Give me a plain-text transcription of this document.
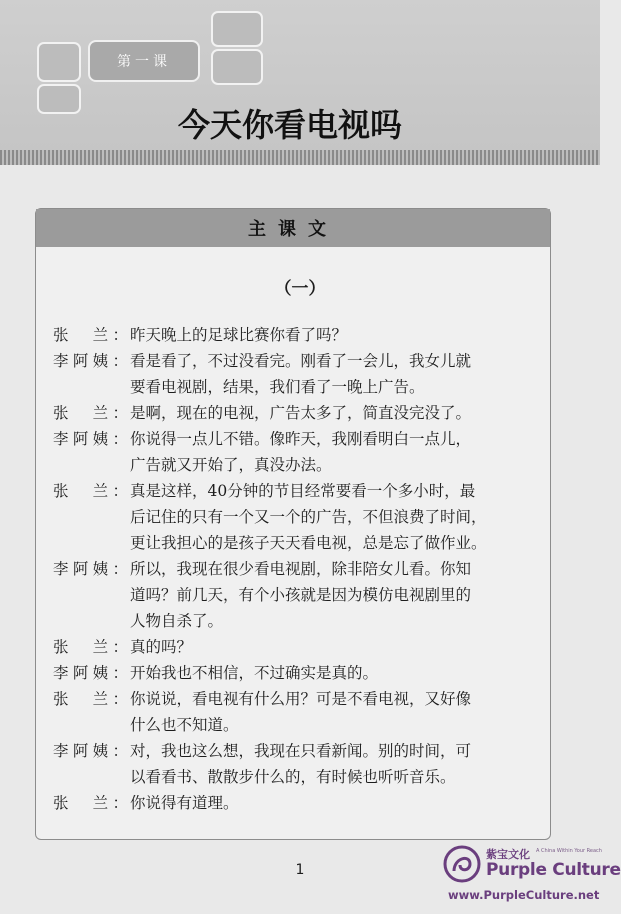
第一课
今天你看电视吗
主课文
（一）
张　兰： 昨天晚上的足球比赛你看了吗？
李阿姨： 看是看了，不过没看完。刚看了一会儿，我女儿就
要看电视剧，结果，我们看了一晚上广告。
张　兰： 是啊，现在的电视，广告太多了，简直没完没了。
李阿姨： 你说得一点儿不错。像昨天，我刚看明白一点儿，
广告就又开始了，真没办法。
张　兰： 真是这样，40分钟的节目经常要看一个多小时，最
后记住的只有一个又一个的广告，不但浪费了时间，
更让我担心的是孩子天天看电视，总是忘了做作业。
李阿姨： 所以，我现在很少看电视剧，除非陪女儿看。你知
道吗？前几天，有个小孩就是因为模仿电视剧里的
人物自杀了。
张　兰： 真的吗？
李阿姨： 开始我也不相信，不过确实是真的。
张　兰： 你说说，看电视有什么用？可是不看电视，又好像
什么也不知道。
李阿姨： 对，我也这么想，我现在只看新闻。别的时间，可
以看看书、散散步什么的，有时候也听听音乐。
张　兰： 你说得有道理。
1
紫宝文化 A China Within Your Reach
Purple Culture
www.PurpleCulture.net
